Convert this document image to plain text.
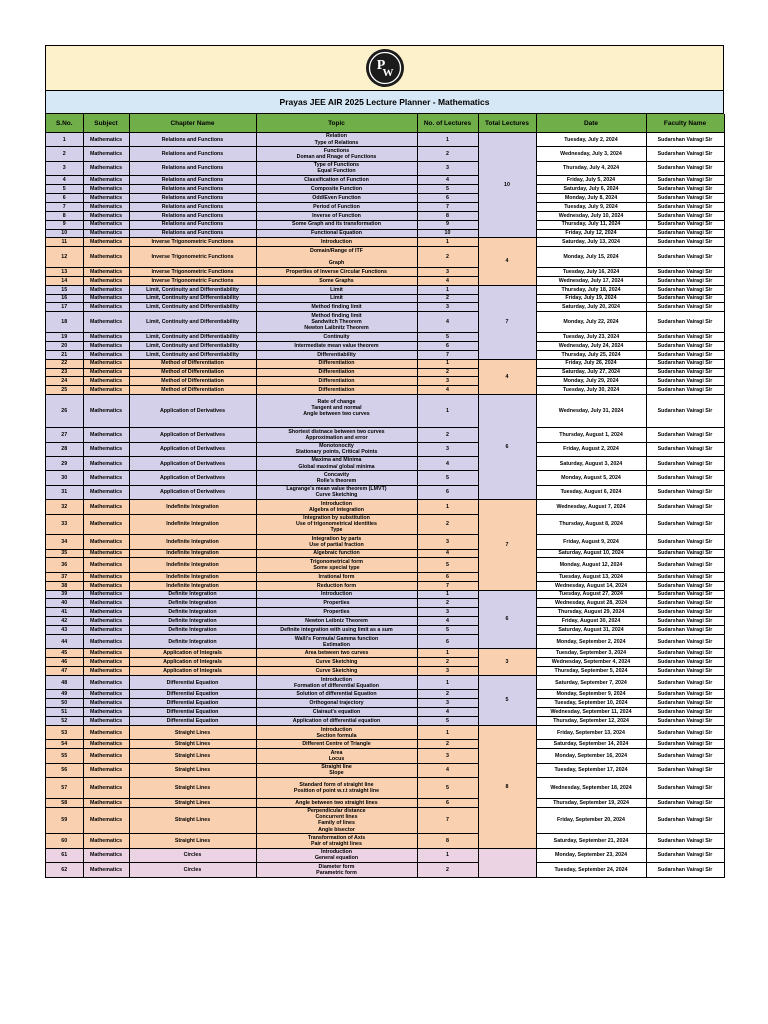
P
W
Prayas JEE AIR 2025 Lecture Planner - Mathematics
S.No.	Subject	Chapter Name	Topic	No. of Lectures	Total Lectures	Date	Faculty Name
1	Mathematics	Relations and Functions	Relation
Type of Relations	1	10	Tuesday, July 2, 2024	Sudarshan Vairagi Sir
2	Mathematics	Relations and Functions	Functions
Doman and Rnage of Functions	2		Wednesday, July 3, 2024	Sudarshan Vairagi Sir
3	Mathematics	Relations and Functions	Type of Functions
Equal Function	3		Thursday, July 4, 2024	Sudarshan Vairagi Sir
4	Mathematics	Relations and Functions	Classification of Function	4		Friday, July 5, 2024	Sudarshan Vairagi Sir
5	Mathematics	Relations and Functions	Composite Function	5		Saturday, July 6, 2024	Sudarshan Vairagi Sir
6	Mathematics	Relations and Functions	Odd/Even Function	6		Monday, July 8, 2024	Sudarshan Vairagi Sir
7	Mathematics	Relations and Functions	Period of Function	7		Tuesday, July 9, 2024	Sudarshan Vairagi Sir
8	Mathematics	Relations and Functions	Inverse of Function	8		Wednesday, July 10, 2024	Sudarshan Vairagi Sir
9	Mathematics	Relations and Functions	Some Graph and its transformation	9		Thursday, July 11, 2024	Sudarshan Vairagi Sir
10	Mathematics	Relations and Functions	Functional Equation	10		Friday, July 12, 2024	Sudarshan Vairagi Sir
11	Mathematics	Inverse Trigonometric Functions	Introduction	1	4	Saturday, July 13, 2024	Sudarshan Vairagi Sir
12	Mathematics	Inverse Trigonometric Functions	Domain/Range of ITF

Graph	2		Monday, July 15, 2024	Sudarshan Vairagi Sir
13	Mathematics	Inverse Trigonometric Functions	Properties of Inverse Circular Functions	3		Tuesday, July 16, 2024	Sudarshan Vairagi Sir
14	Mathematics	Inverse Trigonometric Functions	Some Graphs	4		Wednesday, July 17, 2024	Sudarshan Vairagi Sir
15	Mathematics	Limit, Continuity and Differentiability	Limit	1	7	Thursday, July 18, 2024	Sudarshan Vairagi Sir
16	Mathematics	Limit, Continuity and Differentiability	Limit	2		Friday, July 19, 2024	Sudarshan Vairagi Sir
17	Mathematics	Limit, Continuity and Differentiability	Method finding limit	3		Saturday, July 20, 2024	Sudarshan Vairagi Sir
18	Mathematics	Limit, Continuity and Differentiability	Method finding limit
Sandwitch Theorem
Newton Laibnitz Theorem	4		Monday, July 22, 2024	Sudarshan Vairagi Sir
19	Mathematics	Limit, Continuity and Differentiability	Continuity	5		Tuesday, July 23, 2024	Sudarshan Vairagi Sir
20	Mathematics	Limit, Continuity and Differentiability	Intermediate mean value theorem	6		Wednesday, July 24, 2024	Sudarshan Vairagi Sir
21	Mathematics	Limit, Continuity and Differentiability	Differentiability	7		Thursday, July 25, 2024	Sudarshan Vairagi Sir
22	Mathematics	Method of Differentiation	Differentiation	1	4	Friday, July 26, 2024	Sudarshan Vairagi Sir
23	Mathematics	Method of Differentiation	Differentiation	2		Saturday, July 27, 2024	Sudarshan Vairagi Sir
24	Mathematics	Method of Differentiation	Differentiation	3		Monday, July 29, 2024	Sudarshan Vairagi Sir
25	Mathematics	Method of Differentiation	Differentiation	4		Tuesday, July 30, 2024	Sudarshan Vairagi Sir
26	Mathematics	Application of Derivatives	Rate of change
Tangent and normal
Angle between two curves	1	6	Wednesday, July 31, 2024	Sudarshan Vairagi Sir
27	Mathematics	Application of Derivatives	Shortest distnace between two curves
Approximation and error	2		Thursday, August 1, 2024	Sudarshan Vairagi Sir
28	Mathematics	Application of Derivatives	Monotonocity
Stationary points, Critical Points	3		Friday, August 2, 2024	Sudarshan Vairagi Sir
29	Mathematics	Application of Derivatives	Maxima and Minima
Global maxima/ global minima	4		Saturday, August 3, 2024	Sudarshan Vairagi Sir
30	Mathematics	Application of Derivatives	Concavity
Rolle's theorem	5		Monday, August 5, 2024	Sudarshan Vairagi Sir
31	Mathematics	Application of Derivatives	Lagrange's mean value theorem (LMVT)
Curve Sketching	6		Tuesday, August 6, 2024	Sudarshan Vairagi Sir
32	Mathematics	Indefinite Integration	Introduction
Algebra of integration	1	7	Wednesday, August 7, 2024	Sudarshan Vairagi Sir
33	Mathematics	Indefinite Integration	Integration by substitution
Use of trigonometrical identities
Type	2		Thursday, August 8, 2024	Sudarshan Vairagi Sir
34	Mathematics	Indefinite Integration	Integration by parts
Use of partial fraction	3		Friday, August 9, 2024	Sudarshan Vairagi Sir
35	Mathematics	Indefinite Integration	Algebraic function	4		Saturday, August 10, 2024	Sudarshan Vairagi Sir
36	Mathematics	Indefinite Integration	Trigonometrical form
Some special type	5		Monday, August 12, 2024	Sudarshan Vairagi Sir
37	Mathematics	Indefinite Integration	Irrational form	6		Tuesday, August 13, 2024	Sudarshan Vairagi Sir
38	Mathematics	Indefinite Integration	Reduction form	7		Wednesday, August 14, 2024	Sudarshan Vairagi Sir
39	Mathematics	Definite Integration	Introduction	1	6	Tuesday, August 27, 2024	Sudarshan Vairagi Sir
40	Mathematics	Definite Integration	Properties	2		Wednesday, August 28, 2024	Sudarshan Vairagi Sir
41	Mathematics	Definite Integration	Properties	3		Thursday, August 29, 2024	Sudarshan Vairagi Sir
42	Mathematics	Definite Integration	Newton Leibniz Theorem	4		Friday, August 30, 2024	Sudarshan Vairagi Sir
43	Mathematics	Definite Integration	Definite integration with using limit as a sum	5		Saturday, August 31, 2024	Sudarshan Vairagi Sir
44	Mathematics	Definite Integration	Walli's Formula/ Gamma function
Estimation	6		Monday, September 2, 2024	Sudarshan Vairagi Sir
45	Mathematics	Application of Integrals	Area between two curves	1	3	Tuesday, September 3, 2024	Sudarshan Vairagi Sir
46	Mathematics	Application of Integrals	Curve Sketching	2		Wednesday, September 4, 2024	Sudarshan Vairagi Sir
47	Mathematics	Application of Integrals	Curve Sketching	3		Thursday, September 5, 2024	Sudarshan Vairagi Sir
48	Mathematics	Differential Equation	Introduction
Formation of differential Equation	1	5	Saturday, September 7, 2024	Sudarshan Vairagi Sir
49	Mathematics	Differential Equation	Solution of differential Equation	2		Monday, September 9, 2024	Sudarshan Vairagi Sir
50	Mathematics	Differential Equation	Orthogonal trajectory	3		Tuesday, September 10, 2024	Sudarshan Vairagi Sir
51	Mathematics	Differential Equation	Clairaut's equation	4		Wednesday, September 11, 2024	Sudarshan Vairagi Sir
52	Mathematics	Differential Equation	Application of differential equation	5		Thursday, September 12, 2024	Sudarshan Vairagi Sir
53	Mathematics	Straight Lines	Introduction
Section formula	1	8	Friday, September 13, 2024	Sudarshan Vairagi Sir
54	Mathematics	Straight Lines	Different Centre of Triangle	2		Saturday, September 14, 2024	Sudarshan Vairagi Sir
55	Mathematics	Straight Lines	Area
Locus	3		Monday, September 16, 2024	Sudarshan Vairagi Sir
56	Mathematics	Straight Lines	Straight line
Slope	4		Tuesday, September 17, 2024	Sudarshan Vairagi Sir
57	Mathematics	Straight Lines	Standard form of straight line
Position of point w.r.t straight line	5		Wednesday, September 18, 2024	Sudarshan Vairagi Sir
58	Mathematics	Straight Lines	Angle between two straight lines	6		Thursday, September 19, 2024	Sudarshan Vairagi Sir
59	Mathematics	Straight Lines	Perpendicular distance
Concurrent lines
Family of lines
Angle bisector	7		Friday, September 20, 2024	Sudarshan Vairagi Sir
60	Mathematics	Straight Lines	Transformation of Axis
Pair of straight lines	8		Saturday, September 21, 2024	Sudarshan Vairagi Sir
61	Mathematics	Circles	Introduction
General equation	1		Monday, September 23, 2024	Sudarshan Vairagi Sir
62	Mathematics	Circles	Diameter form
Parametric form	2		Tuesday, September 24, 2024	Sudarshan Vairagi Sir
